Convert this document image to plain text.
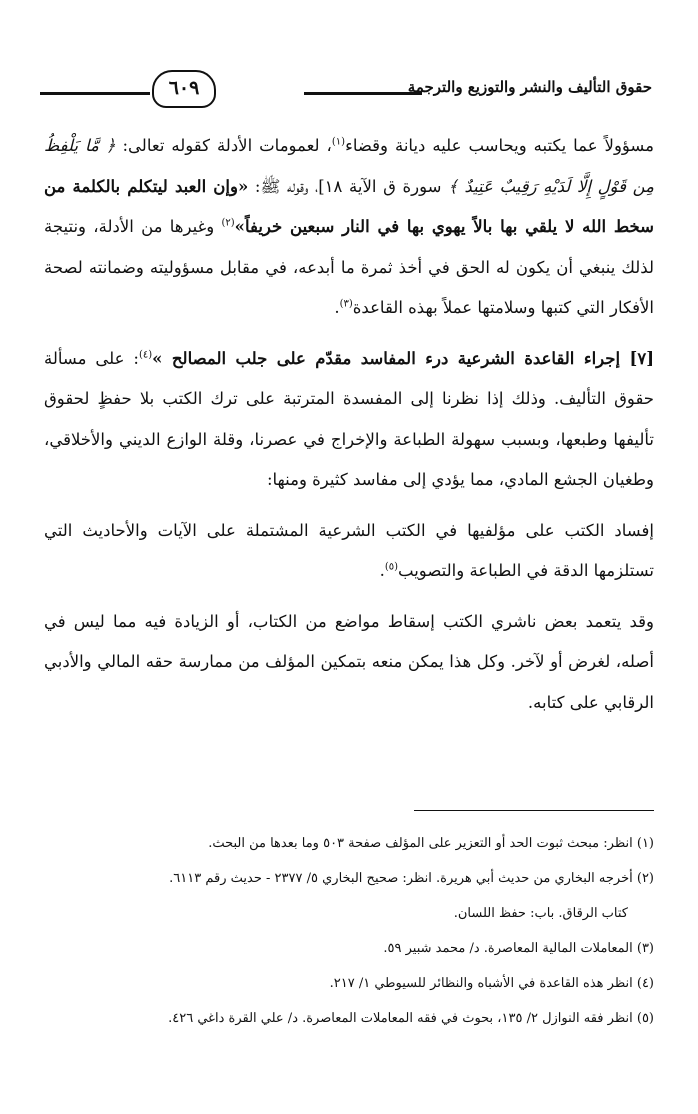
حقوق التأليف والنشر والتوزيع والترجمة
٦٠٩

مسؤولاً عما يكتبه ويحاسب عليه ديانة وقضاء$^{(١)}$، لعمومات الأدلة كقوله تعالى: ﴿ مَّا يَلْفِظُ مِن قَوْلٍ إِلَّا لَدَيْهِ رَقِيبٌ عَتِيدٌ ﴾ سورة ق الآية ١٨]، وقوله ﷺ: «وإن العبد ليتكلم بالكلمة من سخط الله لا يلقي بها بالاً يهوي بها في النار سبعين خريفاً»$^{(٢)}$ وغيرها من الأدلة، ونتيجة لذلك ينبغي أن يكون له الحق في أخذ ثمرة ما أبدعه، في مقابل مسؤوليته وضمانته لصحة الأفكار التي كتبها وسلامتها عملاً بهذه القاعدة$^{(٣)}$.

[٧] إجراء القاعدة الشرعية درء المفاسد مقدّم على جلب المصالح »$^{(٤)}$: على مسألة حقوق التأليف. وذلك إذا نظرنا إلى المفسدة المترتبة على ترك الكتب بلا حفظٍ لحقوق تأليفها وطبعها، وبسبب سهولة الطباعة والإخراج في عصرنا، وقلة الوازع الديني والأخلاقي، وطغيان الجشع المادي، مما يؤدي إلى مفاسد كثيرة ومنها:

إفساد الكتب على مؤلفيها في الكتب الشرعية المشتملة على الآيات والأحاديث التي تستلزمها الدقة في الطباعة والتصويب$^{(٥)}$.

وقد يتعمد بعض ناشري الكتب إسقاط مواضع من الكتاب، أو الزيادة فيه مما ليس في أصله، لغرض أو لآخر. وكل هذا يمكن منعه بتمكين المؤلف من ممارسة حقه المالي والأدبي الرقابي على كتابه.

(١) انظر: مبحث ثبوت الحد أو التعزير على المؤلف صفحة ٥٠٣ وما بعدها من البحث.

(٢) أخرجه البخاري من حديث أبي هريرة. انظر: صحيح البخاري ٥/ ٢٣٧٧ - حديث رقم ٦١١٣.

كتاب الرقاق. باب: حفظ اللسان.

(٣) المعاملات المالية المعاصرة. د/ محمد شبير ٥٩.

(٤) انظر هذه القاعدة في الأشباه والنظائر للسيوطي ١/ ٢١٧.

(٥) انظر فقه النوازل ٢/ ١٣٥، بحوث في فقه المعاملات المعاصرة. د/ علي القرة داغي ٤٢٦.
